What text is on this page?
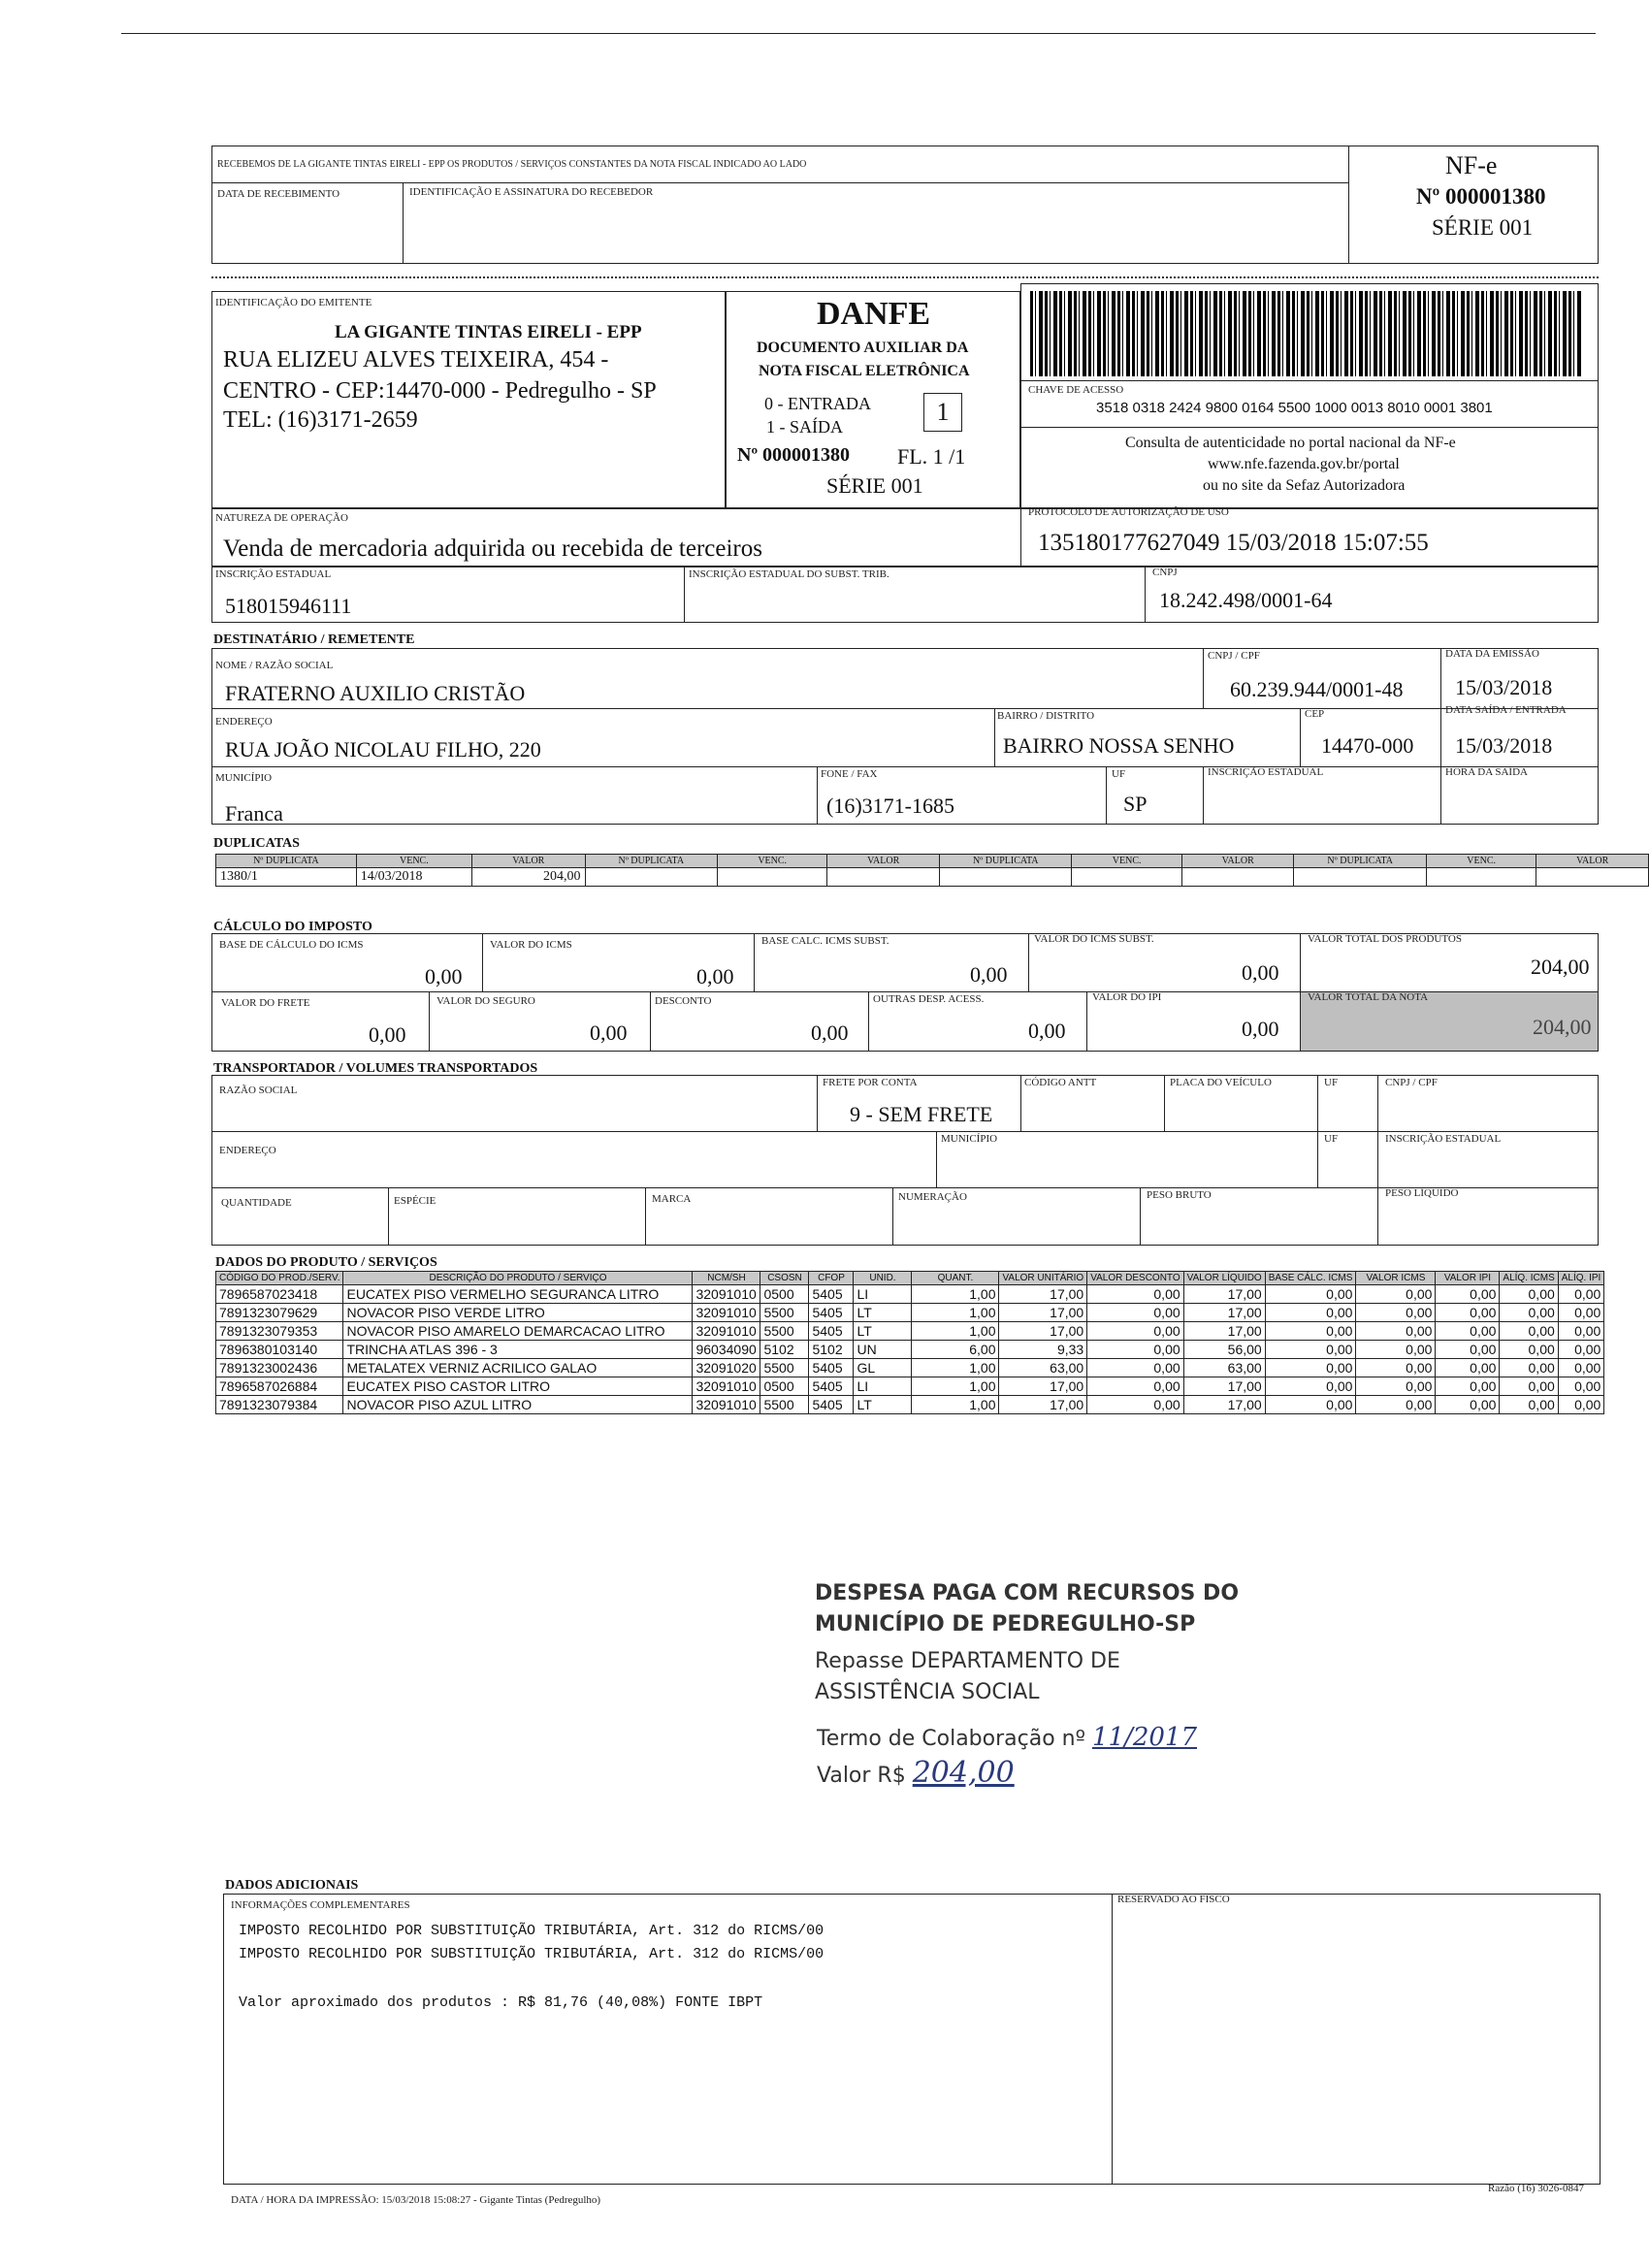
RECEBEMOS DE LA GIGANTE TINTAS EIRELI - EPP OS PRODUTOS / SERVIÇOS CONSTANTES DA NOTA FISCAL INDICADO AO LADO
DATA DE RECEBIMENTO	IDENTIFICAÇÃO E ASSINATURA DO RECEBEDOR
NF-e
Nº 000001380
SÉRIE 001
IDENTIFICAÇÃO DO EMITENTE
LA GIGANTE TINTAS EIRELI - EPP
RUA ELIZEU ALVES TEIXEIRA, 454 -
CENTRO - CEP:14470-000 - Pedregulho - SP
TEL: (16)3171-2659
DANFE
DOCUMENTO AUXILIAR DA
NOTA FISCAL ELETRÔNICA
0 - ENTRADA
1 - SAÍDA
1
Nº 000001380 FL. 1 /1
SÉRIE 001
CHAVE DE ACESSO
3518 0318 2424 9800 0164 5500 1000 0013 8010 0001 3801
Consulta de autenticidade no portal nacional da NF-e
www.nfe.fazenda.gov.br/portal
ou no site da Sefaz Autorizadora
NATUREZA DE OPERAÇÃO
Venda de mercadoria adquirida ou recebida de terceiros
PROTOCOLO DE AUTORIZAÇÃO DE USO
135180177627049 15/03/2018 15:07:55
INSCRIÇÃO ESTADUAL
518015946111
INSCRIÇÃO ESTADUAL DO SUBST. TRIB.	CNPJ
18.242.498/0001-64
DESTINATÁRIO / REMETENTE
NOME / RAZÃO SOCIAL
FRATERNO AUXILIO CRISTÃO
CNPJ / CPF
60.239.944/0001-48
DATA DA EMISSÃO
15/03/2018
ENDEREÇO
RUA JOÃO NICOLAU FILHO, 220
BAIRRO / DISTRITO
BAIRRO NOSSA SENHO
CEP
14470-000
DATA SAÍDA / ENTRADA
15/03/2018
MUNICÍPIO
Franca
FONE / FAX
(16)3171-1685
UF
SP
INSCRIÇÃO ESTADUAL	HORA DA SAÍDA
DUPLICATAS
Nº DUPLICATA	VENC.	VALOR	Nº DUPLICATA	VENC.	VALOR	Nº DUPLICATA	VENC.	VALOR	Nº DUPLICATA	VENC.	VALOR
1380/1	14/03/2018	204,00									
CÁLCULO DO IMPOSTO
BASE DE CÁLCULO DO ICMS
0,00
VALOR DO ICMS
0,00
BASE CALC. ICMS SUBST.
0,00
VALOR DO ICMS SUBST.
0,00
VALOR TOTAL DOS PRODUTOS
204,00
VALOR DO FRETE
0,00
VALOR DO SEGURO
0,00
DESCONTO
0,00
OUTRAS DESP. ACESS.
0,00
VALOR DO IPI
0,00
VALOR TOTAL DA NOTA
204,00
TRANSPORTADOR / VOLUMES TRANSPORTADOS
RAZÃO SOCIAL
FRETE POR CONTA
9 - SEM FRETE
CÓDIGO ANTT	PLACA DO VEÍCULO	UF	CNPJ / CPF
ENDEREÇO
MUNICÍPIO	UF	INSCRIÇÃO ESTADUAL
QUANTIDADE	ESPÉCIE	MARCA	NUMERAÇÃO	PESO BRUTO	PESO LÍQUIDO
DADOS DO PRODUTO / SERVIÇOS
CÓDIGO DO PROD./SERV.	DESCRIÇÃO DO PRODUTO / SERVIÇO	NCM/SH	CSOSN	CFOP	UNID.	QUANT.	VALOR UNITÁRIO	VALOR DESCONTO	VALOR LÍQUIDO	BASE CÁLC. ICMS	VALOR ICMS	VALOR IPI	ALÍQ. ICMS	ALÍQ. IPI
7896587023418	EUCATEX PISO VERMELHO SEGURANCA LITRO	32091010	0500	5405	LI	1,00	17,00	0,00	17,00	0,00	0,00	0,00	0,00	0,00
7891323079629	NOVACOR PISO VERDE LITRO	32091010	5500	5405	LT	1,00	17,00	0,00	17,00	0,00	0,00	0,00	0,00	0,00
7891323079353	NOVACOR PISO AMARELO DEMARCACAO LITRO	32091010	5500	5405	LT	1,00	17,00	0,00	17,00	0,00	0,00	0,00	0,00	0,00
7896380103140	TRINCHA ATLAS 396 - 3	96034090	5102	5102	UN	6,00	9,33	0,00	56,00	0,00	0,00	0,00	0,00	0,00
7891323002436	METALATEX VERNIZ ACRILICO GALAO	32091020	5500	5405	GL	1,00	63,00	0,00	63,00	0,00	0,00	0,00	0,00	0,00
7896587026884	EUCATEX PISO CASTOR LITRO	32091010	0500	5405	LI	1,00	17,00	0,00	17,00	0,00	0,00	0,00	0,00	0,00
7891323079384	NOVACOR PISO AZUL LITRO	32091010	5500	5405	LT	1,00	17,00	0,00	17,00	0,00	0,00	0,00	0,00	0,00
DESPESA PAGA COM RECURSOS DO
MUNICÍPIO DE PEDREGULHO-SP
Repasse DEPARTAMENTO DE
ASSISTÊNCIA SOCIAL
Termo de Colaboração nº 11/2017
Valor R$ 204,00
DADOS ADICIONAIS
INFORMAÇÕES COMPLEMENTARES
IMPOSTO RECOLHIDO POR SUBSTITUIÇÃO TRIBUTÁRIA, Art. 312 do RICMS/00
IMPOSTO RECOLHIDO POR SUBSTITUIÇÃO TRIBUTÁRIA, Art. 312 do RICMS/00
Valor aproximado dos produtos : R$ 81,76 (40,08%) FONTE IBPT
RESERVADO AO FISCO
DATA / HORA DA IMPRESSÃO: 15/03/2018 15:08:27 - Gigante Tintas (Pedregulho)
Razão (16) 3026-0847
